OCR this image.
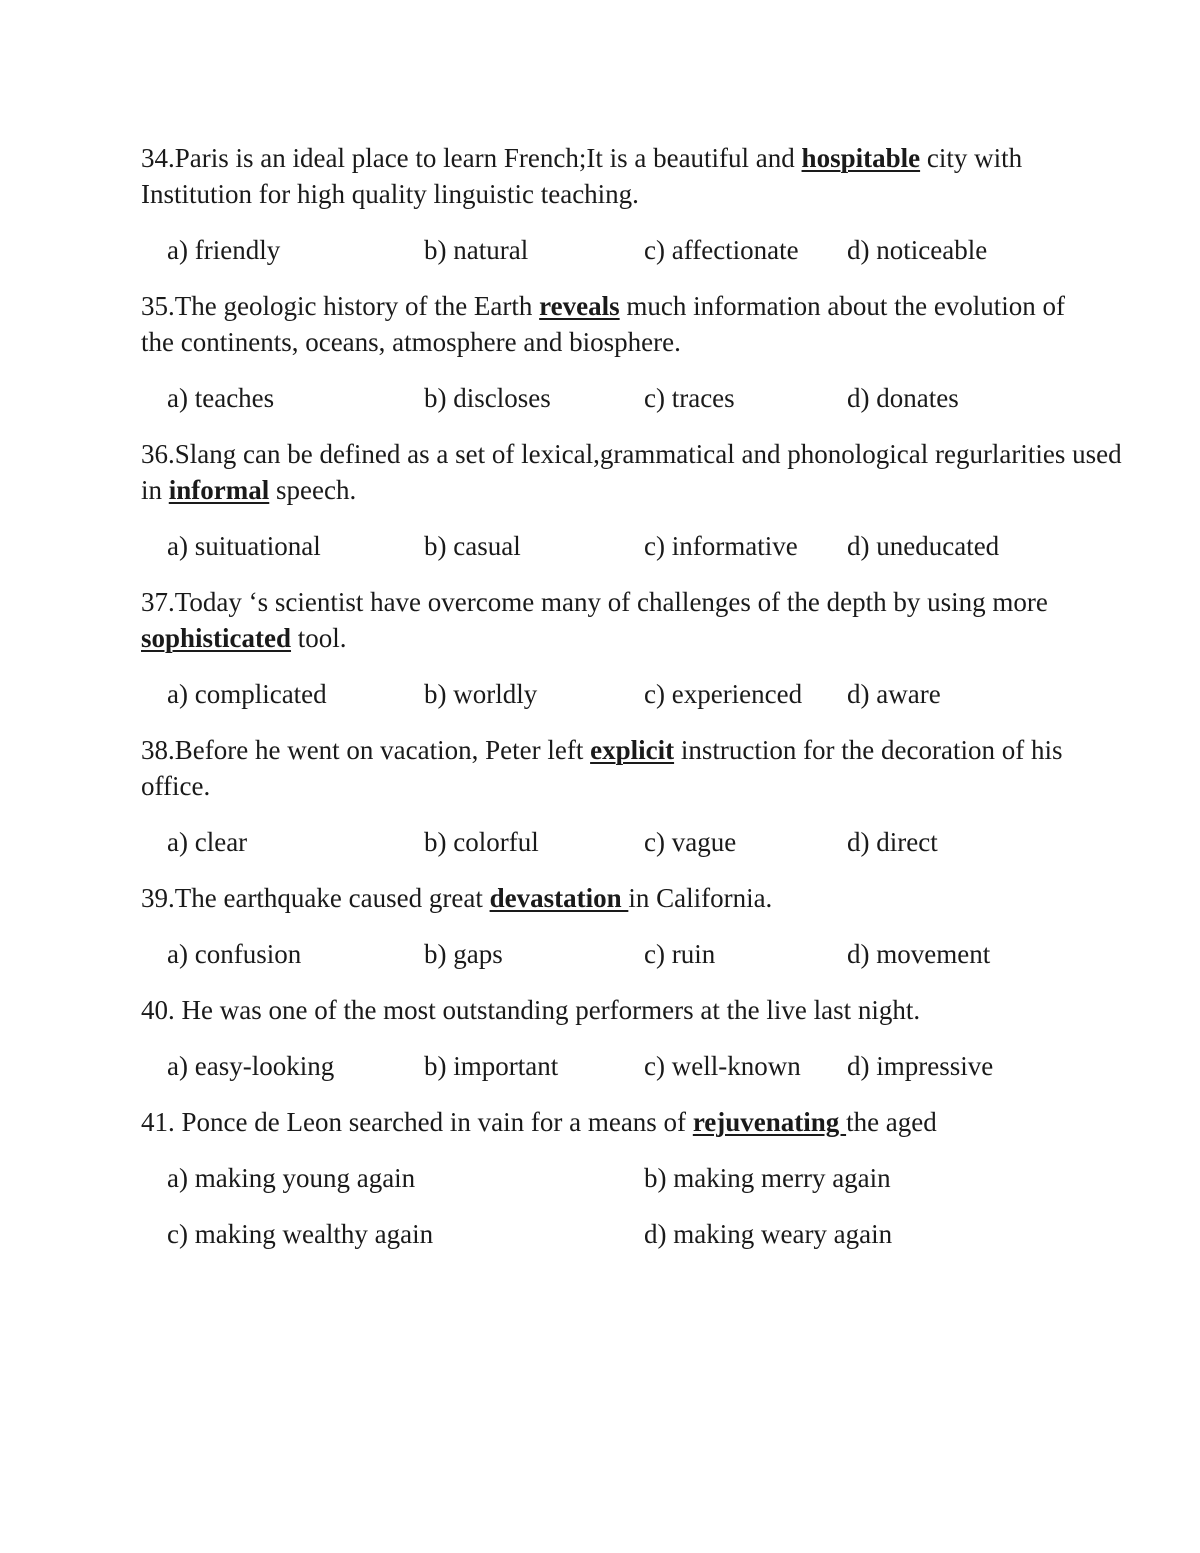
34.Paris is an ideal place to learn French;It is a beautiful and hospitable city with Institution for high quality linguistic teaching.

a) friendly	b) natural	c) affectionate d) noticeable

35.The geologic history of the Earth reveals much information about the evolution of the continents, oceans, atmosphere and biosphere.

a) teaches	b) discloses	c) traces	d) donates

36.Slang can be defined as a set of lexical,grammatical and phonological regurlarities used in informal speech.

a) suituational	b) casual	c) informative d) uneducated

37.Today ‘s scientist have overcome many of challenges of the depth by using more sophisticated tool.

a) complicated	b) worldly	c) experienced d) aware

38.Before he went on vacation, Peter left explicit instruction for the decoration of his office.

a) clear	b) colorful	c) vague	d) direct

39.The earthquake caused great devastation in California.

a) confusion	b) gaps	c) ruin	d) movement

40. He was one of the most outstanding performers at the live last night.

a) easy-looking	b) important	c) well-known d) impressive

41. Ponce de Leon searched in vain for a means of rejuvenating the aged

a) making young again	b) making merry again
c) making wealthy again	d) making weary again
